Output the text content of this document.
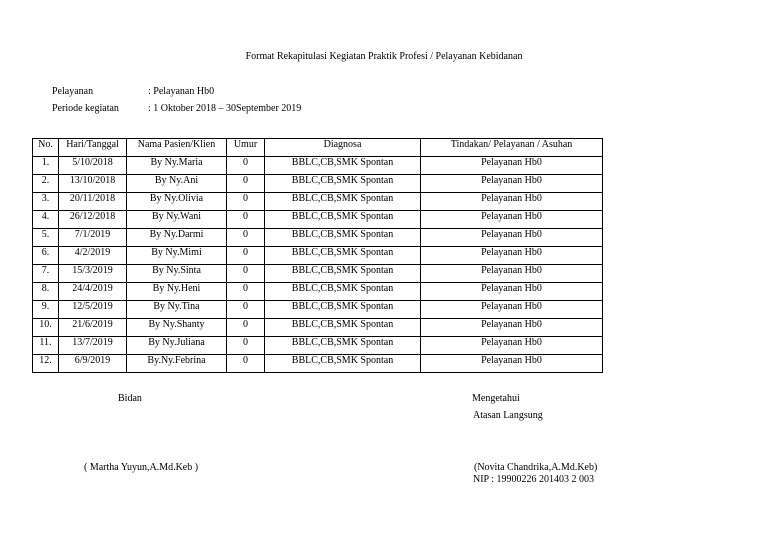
Format Rekapitulasi Kegiatan Praktik Profesi / Pelayanan Kebidanan
Pelayanan	: Pelayanan Hb0
Periode kegiatan	: 1 Oktober 2018 – 30September 2019
No.	Hari/Tanggal	Nama Pasien/Klien	Umur	Diagnosa	Tindakan/ Pelayanan / Asuhan
1.	5/10/2018	By Ny.Maria	0	BBLC,CB,SMK Spontan	Pelayanan Hb0
2.	13/10/2018	By Ny.Ani	0	BBLC,CB,SMK Spontan	Pelayanan Hb0
3.	20/11/2018	By Ny.Olivia	0	BBLC,CB,SMK Spontan	Pelayanan Hb0
4.	26/12/2018	By Ny.Wani	0	BBLC,CB,SMK Spontan	Pelayanan Hb0
5.	7/1/2019	By Ny.Darmi	0	BBLC,CB,SMK Spontan	Pelayanan Hb0
6.	4/2/2019	By Ny.Mimi	0	BBLC,CB,SMK Spontan	Pelayanan Hb0
7.	15/3/2019	By Ny.Sinta	0	BBLC,CB,SMK Spontan	Pelayanan Hb0
8.	24/4/2019	By Ny.Heni	0	BBLC,CB,SMK Spontan	Pelayanan Hb0
9.	12/5/2019	By Ny.Tina	0	BBLC,CB,SMK Spontan	Pelayanan Hb0
10.	21/6/2019	By Ny.Shanty	0	BBLC,CB,SMK Spontan	Pelayanan Hb0
11.	13/7/2019	By Ny.Juliana	0	BBLC,CB,SMK Spontan	Pelayanan Hb0
12.	6/9/2019	By.Ny.Febrina	0	BBLC,CB,SMK Spontan	Pelayanan Hb0
Bidan
( Martha Yuyun,A.Md.Keb )
Mengetahui
Atasan Langsung
(Novita Chandrika,A.Md.Keb)
NIP : 19900226 201403 2 003
